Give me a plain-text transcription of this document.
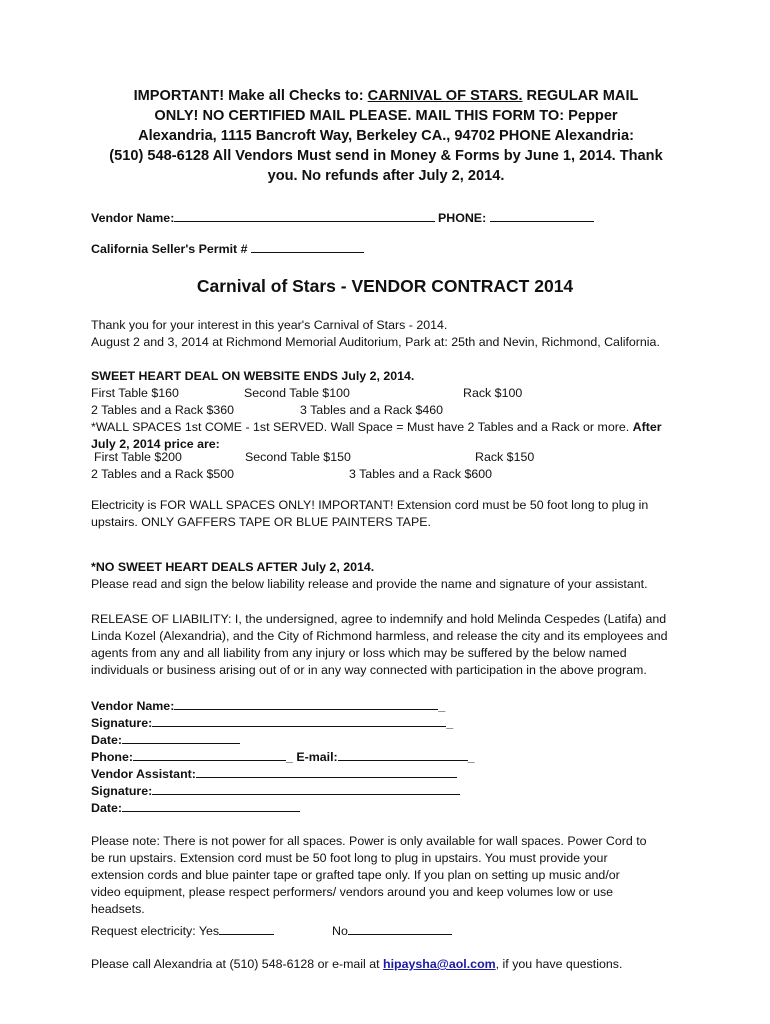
IMPORTANT! Make all Checks to: CARNIVAL OF STARS. REGULAR MAIL
ONLY! NO CERTIFIED MAIL PLEASE. MAIL THIS FORM TO: Pepper
Alexandria, 1115 Bancroft Way, Berkeley CA., 94702 PHONE Alexandria:
(510) 548-6128 All Vendors Must send in Money & Forms by June 1, 2014. Thank
you. No refunds after July 2, 2014.
Vendor Name:	PHONE:
California Seller's Permit #
Carnival of Stars - VENDOR CONTRACT 2014
Thank you for your interest in this year's Carnival of Stars - 2014.
August 2 and 3, 2014 at Richmond Memorial Auditorium, Park at: 25th and Nevin, Richmond, California.
SWEET HEART DEAL ON WEBSITE ENDS July 2, 2014.
First Table $160	Second Table $100	Rack $100
2 Tables and a Rack $360	3 Tables and a Rack $460
*WALL SPACES 1st COME - 1st SERVED. Wall Space = Must have 2 Tables and a Rack or more. After
July 2, 2014 price are:
First Table $200	Second Table $150	Rack $150
2 Tables and a Rack $500	3 Tables and a Rack $600
Electricity is FOR WALL SPACES ONLY! IMPORTANT! Extension cord must be 50 foot long to plug in
upstairs. ONLY GAFFERS TAPE OR BLUE PAINTERS TAPE.
*NO SWEET HEART DEALS AFTER July 2, 2014.
Please read and sign the below liability release and provide the name and signature of your assistant.
RELEASE OF LIABILITY: I, the undersigned, agree to indemnify and hold Melinda Cespedes (Latifa) and
Linda Kozel (Alexandria), and the City of Richmond harmless, and release the city and its employees and
agents from any and all liability from any injury or loss which may be suffered by the below named
individuals or business arising out of or in any way connected with participation in the above program.
Vendor Name:	_
Signature:	_
Date:
Phone:	_ E-mail:	_
Vendor Assistant:
Signature:
Date:
Please note: There is not power for all spaces. Power is only available for wall spaces. Power Cord to
be run upstairs. Extension cord must be 50 foot long to plug in upstairs. You must provide your
extension cords and blue painter tape or grafted tape only. If you plan on setting up music and/or
video equipment, please respect performers/ vendors around you and keep volumes low or use
headsets.
Request electricity: Yes	No
Please call Alexandria at (510) 548-6128 or e-mail at hipaysha@aol.com, if you have questions.
